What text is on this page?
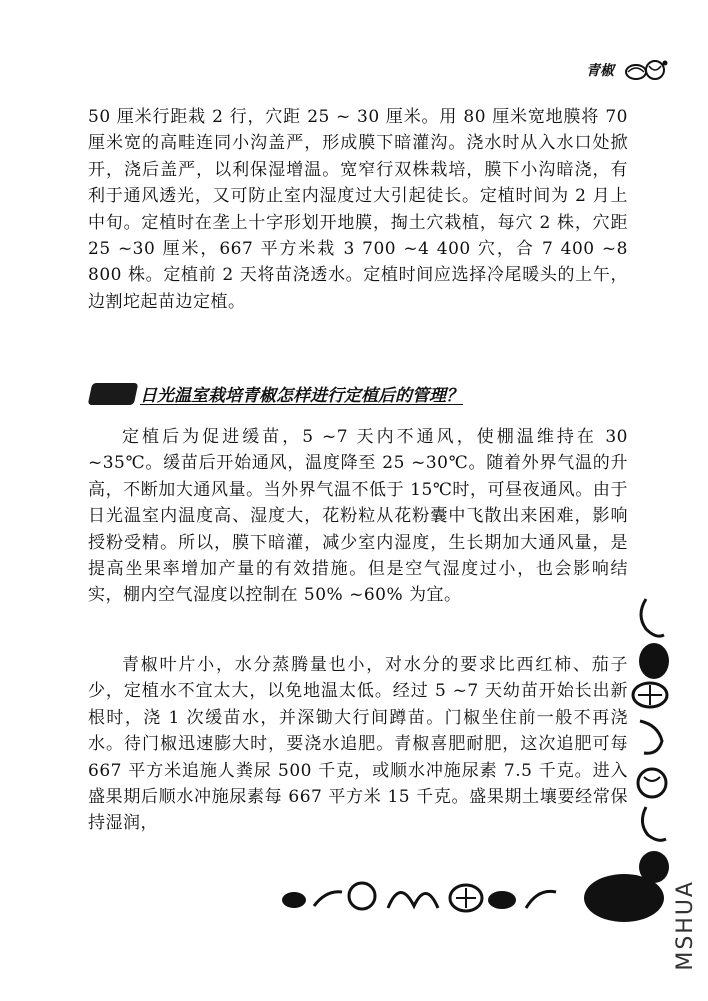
青椒

50 厘米行距栽 2 行，穴距 25 ~ 30 厘米。用 80 厘米宽地膜将 70 厘米宽的高畦连同小沟盖严，形成膜下暗灌沟。浇水时从入水口处掀开，浇后盖严，以利保湿增温。宽窄行双株栽培，膜下小沟暗浇，有利于通风透光，又可防止室内湿度过大引起徒长。定植时间为 2 月上中旬。定植时在垄上十字形划开地膜，掏土穴栽植，每穴 2 株，穴距 25 ~30 厘米，667 平方米栽 3 700 ~4 400 穴，合 7 400 ~8 800 株。定植前 2 天将苗浇透水。定植时间应选择冷尾暖头的上午，边割坨起苗边定植。

日光温室栽培青椒怎样进行定植后的管理？

定植后为促进缓苗，5 ~7 天内不通风，使棚温维持在 30 ~35℃。缓苗后开始通风，温度降至 25 ~30℃。随着外界气温的升高，不断加大通风量。当外界气温不低于 15℃时，可昼夜通风。由于日光温室内温度高、湿度大，花粉粒从花粉囊中飞散出来困难，影响授粉受精。所以，膜下暗灌，减少室内湿度，生长期加大通风量，是提高坐果率增加产量的有效措施。但是空气湿度过小，也会影响结实，棚内空气湿度以控制在 50% ~60% 为宜。

青椒叶片小，水分蒸腾量也小，对水分的要求比西红柿、茄子少，定植水不宜太大，以免地温太低。经过 5 ~7 天幼苗开始长出新根时，浇 1 次缓苗水，并深锄大行间蹲苗。门椒坐住前一般不再浇水。待门椒迅速膨大时，要浇水追肥。青椒喜肥耐肥，这次追肥可每 667 平方米追施人粪尿 500 千克，或顺水冲施尿素 7.5 千克。进入盛果期后顺水冲施尿素每 667 平方米 15 千克。盛果期土壤要经常保持湿润，

MSHUA
